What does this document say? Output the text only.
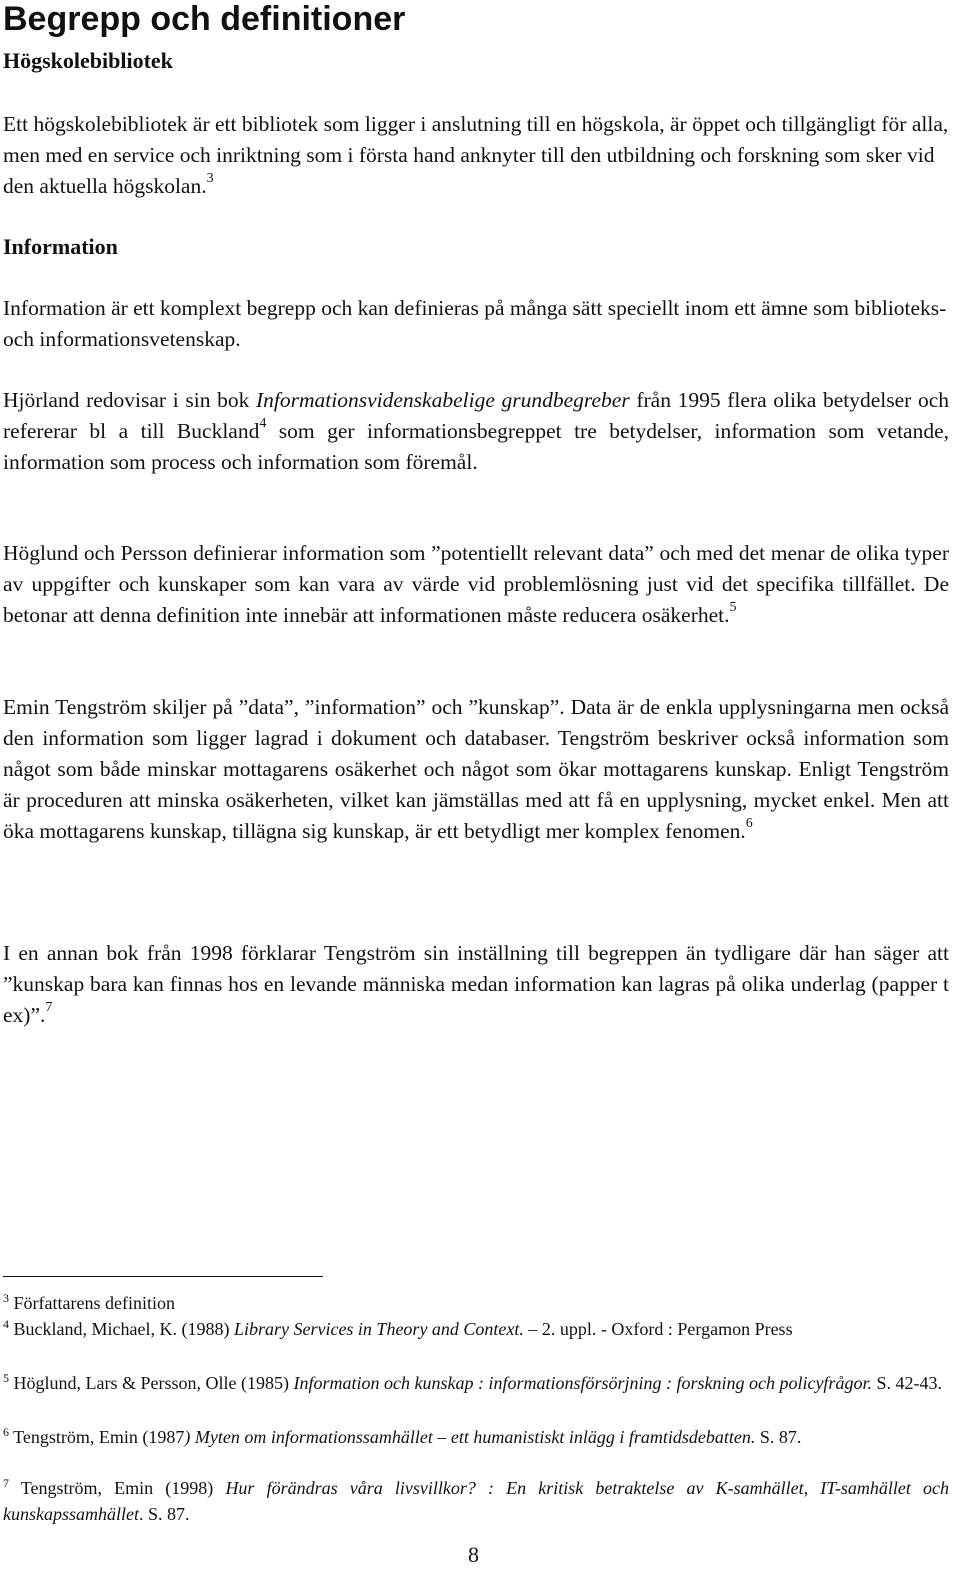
Begrepp och definitioner
Högskolebibliotek

Ett högskolebibliotek är ett bibliotek som ligger i anslutning till en högskola, är öppet och tillgängligt för alla, men med en service och inriktning som i första hand anknyter till den utbildning och forskning som sker vid den aktuella högskolan.$^3$

Information

Information är ett komplext begrepp och kan definieras på många sätt speciellt inom ett ämne som biblioteks- och informationsvetenskap.

Hjörland redovisar i sin bok Informationsvidenskabelige grundbegreber från 1995 flera olika betydelser och refererar bl a till Buckland$^4$ som ger informationsbegreppet tre betydelser, information som vetande, information som process och information som föremål.

Höglund och Persson definierar information som ”potentiellt relevant data” och med det menar de olika typer av uppgifter och kunskaper som kan vara av värde vid problemlösning just vid det specifika tillfället. De betonar att denna definition inte innebär att informationen måste reducera osäkerhet.$^5$

Emin Tengström skiljer på ”data”, ”information” och ”kunskap”. Data är de enkla upplysningarna men också den information som ligger lagrad i dokument och databaser. Tengström beskriver också information som något som både minskar mottagarens osäkerhet och något som ökar mottagarens kunskap. Enligt Tengström är proceduren att minska osäkerheten, vilket kan jämställas med att få en upplysning, mycket enkel. Men att öka mottagarens kunskap, tillägna sig kunskap, är ett betydligt mer komplex fenomen.$^6$

I en annan bok från 1998 förklarar Tengström sin inställning till begreppen än tydligare där han säger att ”kunskap bara kan finnas hos en levande människa medan information kan lagras på olika underlag (papper t ex)”.$^7$

$^3$ Författarens definition
$^4$ Buckland, Michael, K. (1988) Library Services in Theory and Context. – 2. uppl. - Oxford : Pergamon Press
$^5$ Höglund, Lars & Persson, Olle (1985) Information och kunskap : informationsförsörjning : forskning och policyfrågor. S. 42-43.
$^6$ Tengström, Emin (1987) Myten om informationssamhället – ett humanistiskt inlägg i framtidsdebatten. S. 87.
$^7$ Tengström, Emin (1998) Hur förändras våra livsvillkor? : En kritisk betraktelse av K-samhället, IT-samhället och kunskapssamhället. S. 87.
8
